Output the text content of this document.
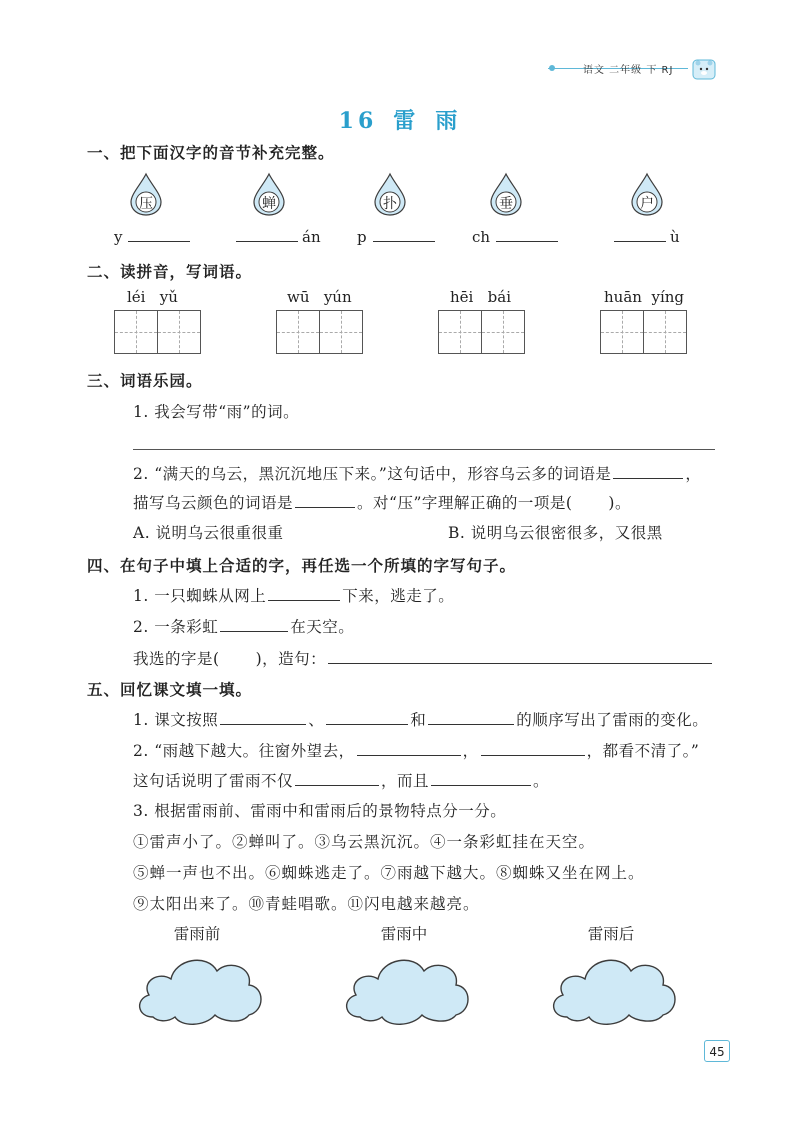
语文 二年级 下 RJ
16 雷 雨
一、把下面汉字的音节补充完整。
压	蝉	扑	垂	户
y	án p	ch	ù
二、读拼音，写词语。
léi yǔ	wū yún	hēi bái	huān yíng
三、词语乐园。
1. 我会写带“雨”的词。
2. “满天的乌云，黑沉沉地压下来。”这句话中，形容乌云多的词语是	，
描写乌云颜色的词语是	。对“压”字理解正确的一项是( )。
A. 说明乌云很重很重	B. 说明乌云很密很多，又很黑
四、在句子中填上合适的字，再任选一个所填的字写句子。
1. 一只蜘蛛从网上	下来，逃走了。
2. 一条彩虹	在天空。
我选的字是( )，造句：
五、回忆课文填一填。
1. 课文按照	、	和	的顺序写出了雷雨的变化。
2. “雨越下越大。往窗外望去，	，	，都看不清了。”
这句话说明了雷雨不仅	，而且	。
3. 根据雷雨前、雷雨中和雷雨后的景物特点分一分。
①雷声小了。②蝉叫了。③乌云黑沉沉。④一条彩虹挂在天空。
⑤蝉一声也不出。⑥蜘蛛逃走了。⑦雨越下越大。⑧蜘蛛又坐在网上。
⑨太阳出来了。⑩青蛙唱歌。⑪闪电越来越亮。
雷雨前	雷雨中	雷雨后
45
